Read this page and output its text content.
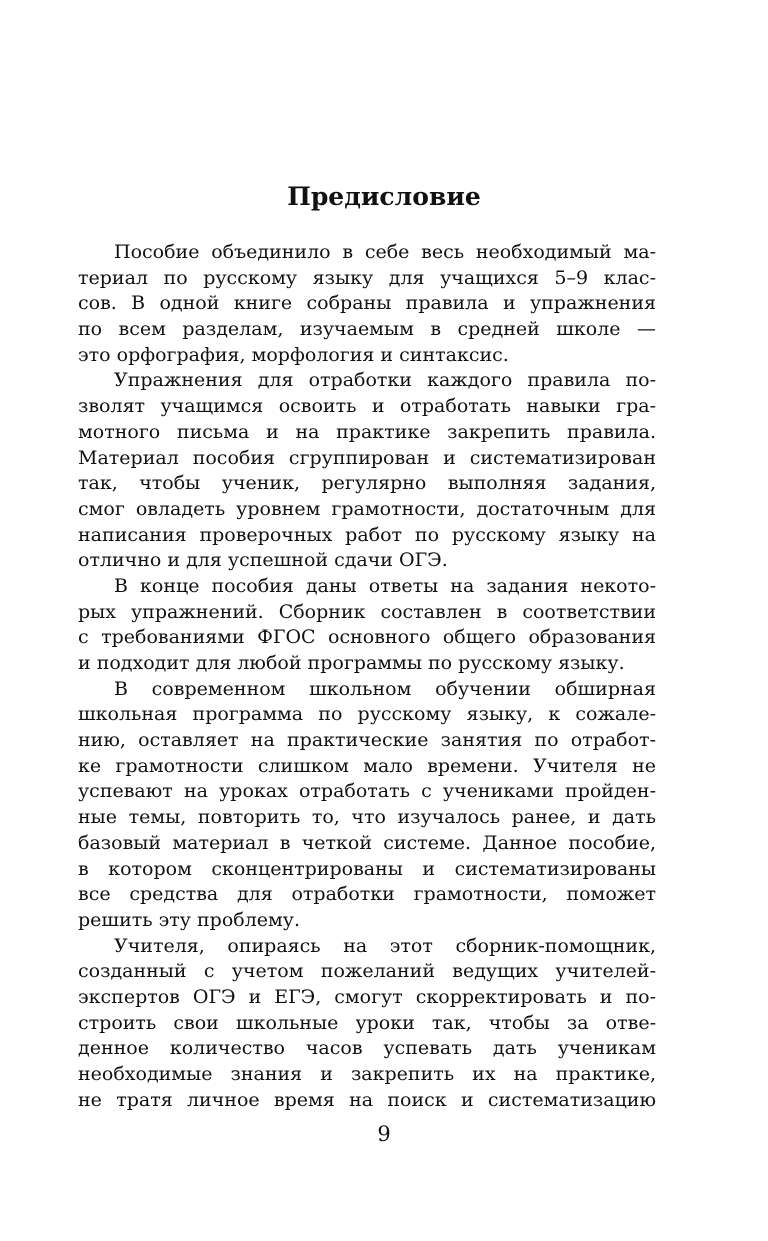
Предисловие
Пособие объединило в себе весь необходимый ма-
териал по русскому языку для учащихся 5–9 клас-
сов. В одной книге собраны правила и упражнения
по всем разделам, изучаемым в средней школе —
это орфография, морфология и синтаксис.
Упражнения для отработки каждого правила по-
зволят учащимся освоить и отработать навыки гра-
мотного письма и на практике закрепить правила.
Материал пособия сгруппирован и систематизирован
так, чтобы ученик, регулярно выполняя задания,
смог овладеть уровнем грамотности, достаточным для
написания проверочных работ по русскому языку на
отлично и для успешной сдачи ОГЭ.
В конце пособия даны ответы на задания некото-
рых упражнений. Сборник составлен в соответствии
с требованиями ФГОС основного общего образования
и подходит для любой программы по русскому языку.
В современном школьном обучении обширная
школьная программа по русскому языку, к сожале-
нию, оставляет на практические занятия по отработ-
ке грамотности слишком мало времени. Учителя не
успевают на уроках отработать с учениками пройден-
ные темы, повторить то, что изучалось ранее, и дать
базовый материал в четкой системе. Данное пособие,
в котором сконцентрированы и систематизированы
все средства для отработки грамотности, поможет
решить эту проблему.
Учителя, опираясь на этот сборник-помощник,
созданный с учетом пожеланий ведущих учителей-
экспертов ОГЭ и ЕГЭ, смогут скорректировать и по-
строить свои школьные уроки так, чтобы за отве-
денное количество часов успевать дать ученикам
необходимые знания и закрепить их на практике,
не тратя личное время на поиск и систематизацию
9
